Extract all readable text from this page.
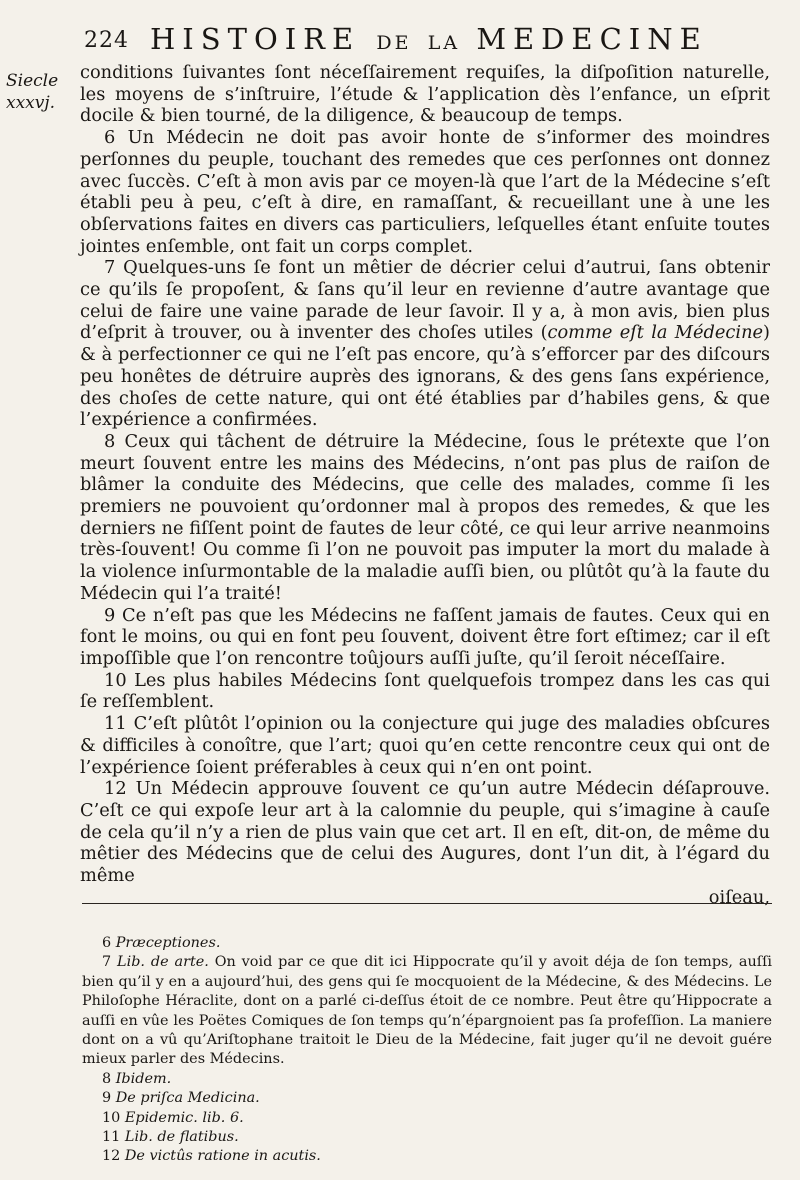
224 HISTOIRE DE LA MEDECINE
Siecle
xxxvj.

conditions ſuivantes ſont néceſſairement requiſes, la diſpoſition naturelle, les moyens de s’inſtruire, l’étude & l’application dès l’enfance, un eſprit docile & bien tourné, de la diligence, & beaucoup de temps.

6 Un Médecin ne doit pas avoir honte de s’informer des moindres perſonnes du peuple, touchant des remedes que ces perſonnes ont donnez avec ſuccès. C’eſt à mon avis par ce moyen-là que l’art de la Médecine s’eſt établi peu à peu, c’eſt à dire, en ramaſſant, & recueillant une à une les obſervations faites en divers cas particuliers, leſquelles étant enſuite toutes jointes enſemble, ont fait un corps complet.

7 Quelques-uns ſe font un mêtier de décrier celui d’autrui, ſans obtenir ce qu’ils ſe propoſent, & ſans qu’il leur en revienne d’autre avantage que celui de faire une vaine parade de leur ſavoir. Il y a, à mon avis, bien plus d’eſprit à trouver, ou à inventer des choſes utiles (comme eſt la Médecine) & à perfectionner ce qui ne l’eſt pas encore, qu’à s’efforcer par des diſcours peu honêtes de détruire auprès des ignorans, & des gens ſans expérience, des choſes de cette nature, qui ont été établies par d’habiles gens, & que l’expérience a confirmées.

8 Ceux qui tâchent de détruire la Médecine, ſous le prétexte que l’on meurt ſouvent entre les mains des Médecins, n’ont pas plus de raiſon de blâmer la conduite des Médecins, que celle des malades, comme ſi les premiers ne pouvoient qu’ordonner mal à propos des remedes, & que les derniers ne fiſſent point de fautes de leur côté, ce qui leur arrive neanmoins très-ſouvent! Ou comme ſi l’on ne pouvoit pas imputer la mort du malade à la violence inſurmontable de la maladie auſſi bien, ou plûtôt qu’à la faute du Médecin qui l’a traité!

9 Ce n’eſt pas que les Médecins ne faſſent jamais de fautes. Ceux qui en font le moins, ou qui en font peu ſouvent, doivent être fort eſtimez; car il eſt impoſſible que l’on rencontre toûjours auſſi juſte, qu’il ſeroit néceſſaire.

10 Les plus habiles Médecins ſont quelquefois trompez dans les cas qui ſe reſſemblent.

11 C’eſt plûtôt l’opinion ou la conjecture qui juge des maladies obſcures & difficiles à conoître, que l’art; quoi qu’en cette rencontre ceux qui ont de l’expérience ſoient préferables à ceux qui n’en ont point.

12 Un Médecin approuve ſouvent ce qu’un autre Médecin déſaprouve. C’eſt ce qui expoſe leur art à la calomnie du peuple, qui s’imagine à cauſe de cela qu’il n’y a rien de plus vain que cet art. Il en eſt, dit-on, de même du mêtier des Médecins que de celui des Augures, dont l’un dit, à l’égard du même

oiſeau,

6 Præceptiones.

7 Lib. de arte. On void par ce que dit ici Hippocrate qu’il y avoit déja de ſon temps, auſſi bien qu’il y en a aujourd’hui, des gens qui ſe mocquoient de la Médecine, & des Médecins. Le Philoſophe Héraclite, dont on a parlé ci-deſſus étoit de ce nombre. Peut être qu’Hippocrate a auſſi en vûe les Poëtes Comiques de ſon temps qu’n’épargnoient pas ſa profeſſion. La maniere dont on a vû qu’Ariſtophane traitoit le Dieu de la Médecine, fait juger qu’il ne devoit guére mieux parler des Médecins.

8 Ibidem.

9 De priſca Medicina.

10 Epidemic. lib. 6.

11 Lib. de flatibus.

12 De victûs ratione in acutis.
